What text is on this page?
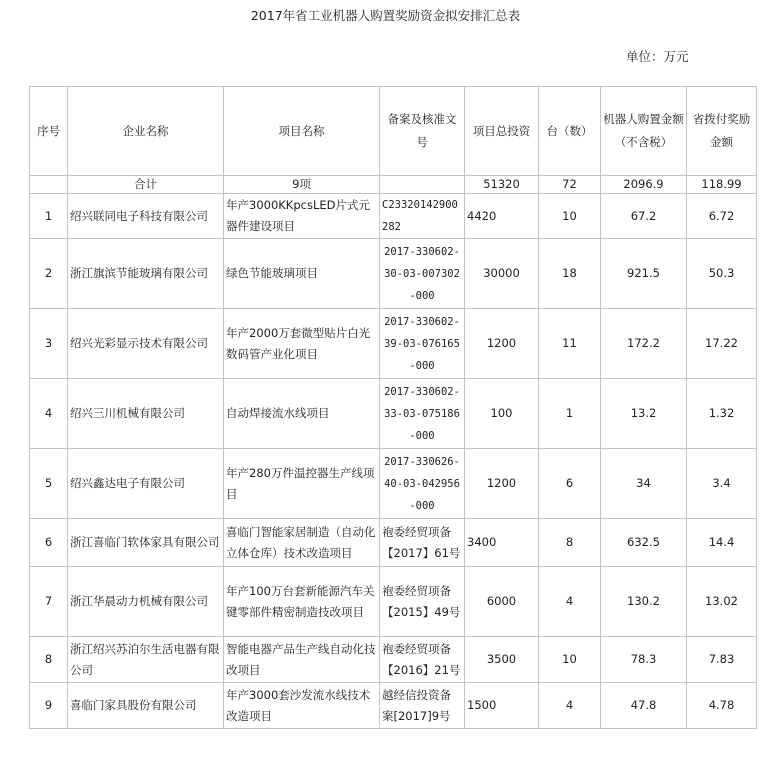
2017年省工业机器人购置奖励资金拟安排汇总表
单位：万元
序号	企业名称	项目名称	备案及核准文号	项目总投资	台（数）	机器人购置金额（不含税）	省拨付奖励金额
	合计	9项		51320	72	2096.9	118.99
1	绍兴联同电子科技有限公司	年产3000KKpcsLED片式元器件建设项目	C23320142900282	4420	10	67.2	6.72
2	浙江旗滨节能玻璃有限公司	绿色节能玻璃项目	2017-330602-30-03-007302-000	30000	18	921.5	50.3
3	绍兴光彩显示技术有限公司	年产2000万套微型贴片白光数码管产业化项目	2017-330602-39-03-076165-000	1200	11	172.2	17.22
4	绍兴三川机械有限公司	自动焊接流水线项目	2017-330602-33-03-075186-000	100	1	13.2	1.32
5	绍兴鑫达电子有限公司	年产280万件温控器生产线项目	2017-330626-40-03-042956-000	1200	6	34	3.4
6	浙江喜临门软体家具有限公司	喜临门智能家居制造（自动化立体仓库）技术改造项目	袍委经贸项备【2017】61号	3400	8	632.5	14.4
7	浙江华晨动力机械有限公司	年产100万台套新能源汽车关键零部件精密制造技改项目	袍委经贸项备【2015】49号	6000	4	130.2	13.02
8	浙江绍兴苏泊尔生活电器有限公司	智能电器产品生产线自动化技改项目	袍委经贸项备【2016】21号	3500	10	78.3	7.83
9	喜临门家具股份有限公司	年产3000套沙发流水线技术改造项目	越经信投资备案[2017]9号	1500	4	47.8	4.78
